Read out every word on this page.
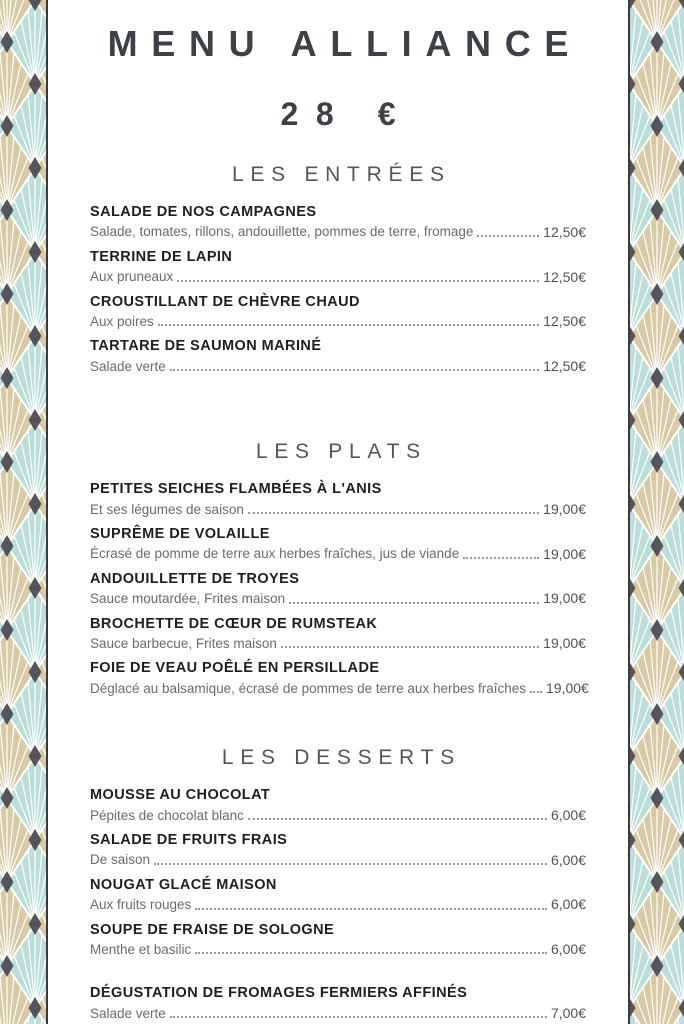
MENU ALLIANCE
28 €
LES ENTRÉES
SALADE DE NOS CAMPAGNES
Salade, tomates, rillons, andouillette, pommes de terre, fromage	12,50€
TERRINE DE LAPIN
Aux pruneaux	12,50€
CROUSTILLANT DE CHÈVRE CHAUD
Aux poires	12,50€
TARTARE DE SAUMON MARINÉ
Salade verte	12,50€
LES PLATS
PETITES SEICHES FLAMBÉES À L'ANIS
Et ses légumes de saison	19,00€
SUPRÊME DE VOLAILLE
Écrasé de pomme de terre aux herbes fraîches, jus de viande	19,00€
ANDOUILLETTE DE TROYES
Sauce moutardée, Frites maison	19,00€
BROCHETTE DE CŒUR DE RUMSTEAK
Sauce barbecue, Frites maison	19,00€
FOIE DE VEAU POÊLÉ EN PERSILLADE
Déglacé au balsamique, écrasé de pommes de terre aux herbes fraîches 19,00€
LES DESSERTS
MOUSSE AU CHOCOLAT
Pépites de chocolat blanc	6,00€
SALADE DE FRUITS FRAIS
De saison	6,00€
NOUGAT GLACÉ MAISON
Aux fruits rouges	6,00€
SOUPE DE FRAISE DE SOLOGNE
Menthe et basilic	6,00€
DÉGUSTATION DE FROMAGES FERMIERS AFFINÉS
Salade verte	7,00€
